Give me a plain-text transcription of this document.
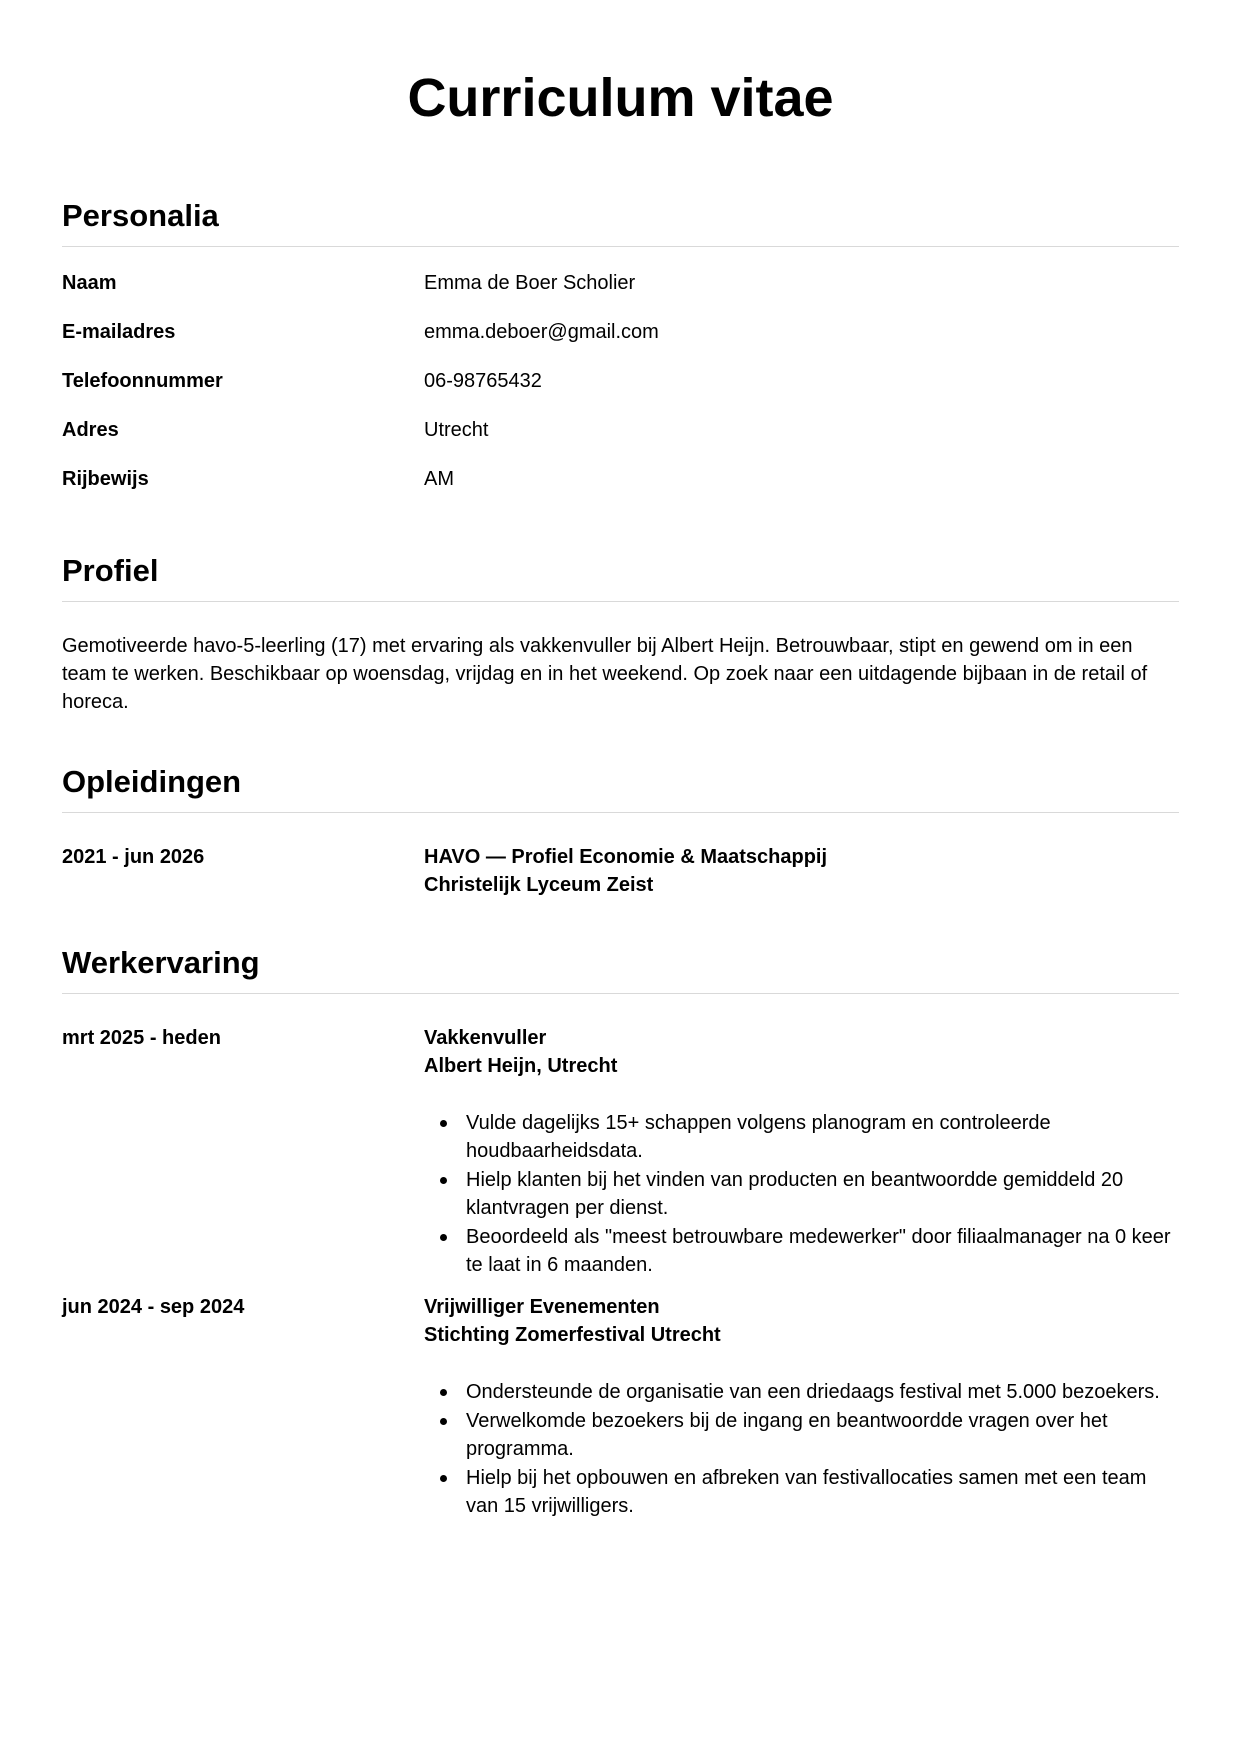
Curriculum vitae
Personalia
Naam	Emma de Boer Scholier
E-mailadres	emma.deboer@gmail.com
Telefoonnummer	06-98765432
Adres	Utrecht
Rijbewijs	AM
Profiel

Gemotiveerde havo-5-leerling (17) met ervaring als vakkenvuller bij Albert Heijn. Betrouwbaar, stipt en gewend om in een team te werken. Beschikbaar op woensdag, vrijdag en in het weekend. Op zoek naar een uitdagende bijbaan in de retail of horeca.

Opleidingen
2021 - jun 2026	HAVO — Profiel Economie & Maatschappij
Christelijk Lyceum Zeist
Werkervaring
mrt 2025 - heden	Vakkenvuller
Albert Heijn, Utrecht
Vulde dagelijks 15+ schappen volgens planogram en controleerde houdbaarheidsdata.
Hielp klanten bij het vinden van producten en beantwoordde gemiddeld 20 klantvragen per dienst.
Beoordeeld als "meest betrouwbare medewerker" door filiaalmanager na 0 keer te laat in 6 maanden.
jun 2024 - sep 2024	Vrijwilliger Evenementen
Stichting Zomerfestival Utrecht
Ondersteunde de organisatie van een driedaags festival met 5.000 bezoekers.
Verwelkomde bezoekers bij de ingang en beantwoordde vragen over het programma.
Hielp bij het opbouwen en afbreken van festivallocaties samen met een team van 15 vrijwilligers.
